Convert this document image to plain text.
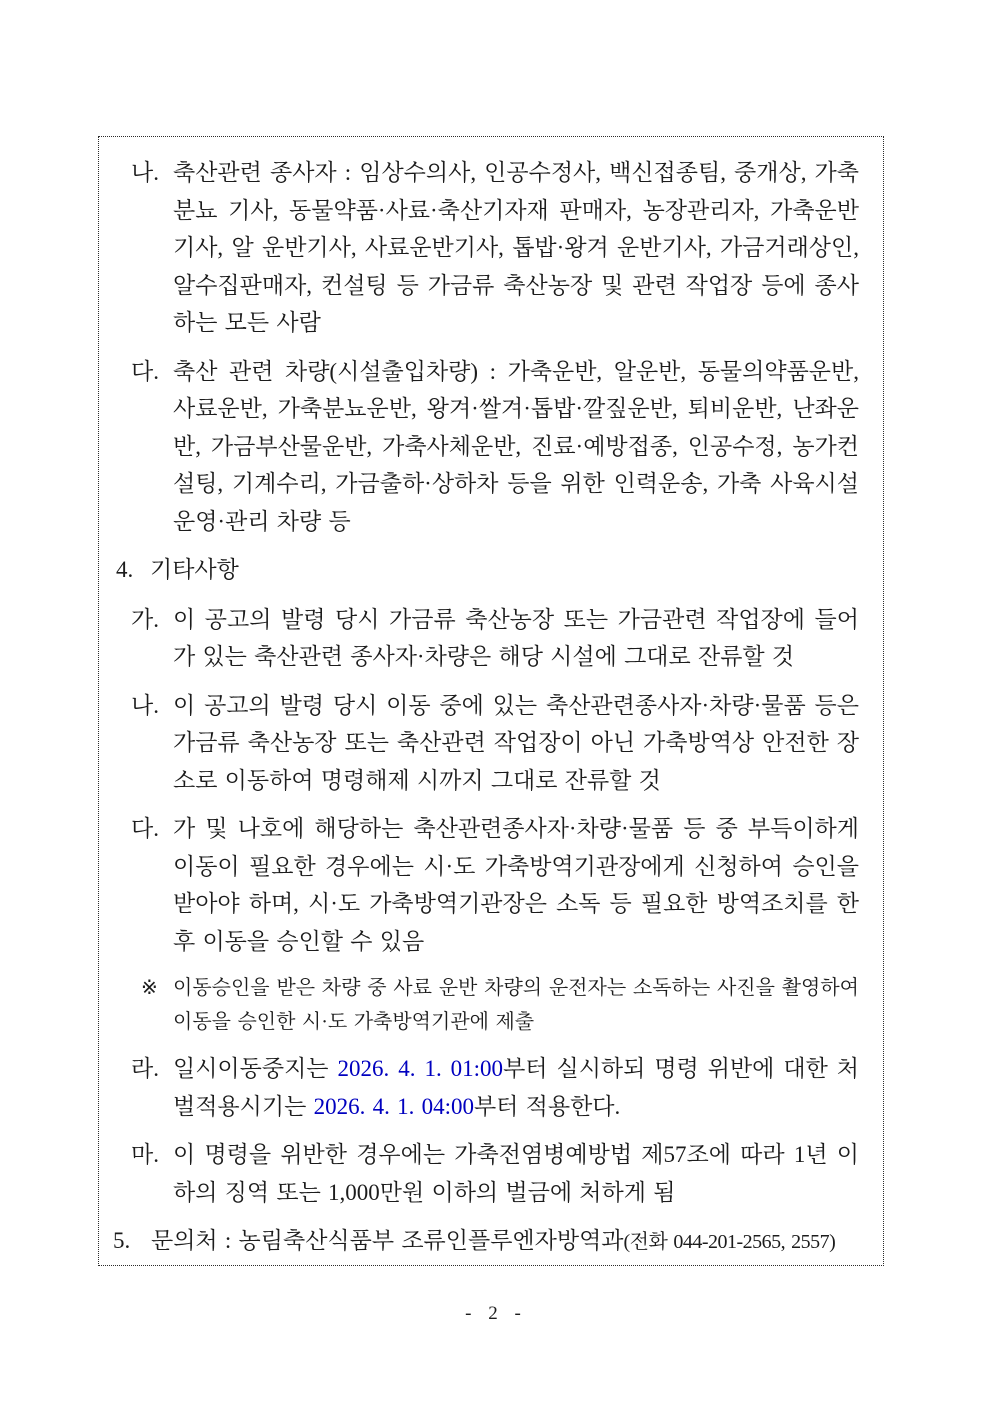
나. 축산관련 종사자 : 임상수의사, 인공수정사, 백신접종팀, 중개상, 가축분뇨 기사, 동물약품·사료·축산기자재 판매자, 농장관리자, 가축운반기사, 알 운반기사, 사료운반기사, 톱밥·왕겨 운반기사, 가금거래상인, 알수집판매자, 컨설팅 등 가금류 축산농장 및 관련 작업장 등에 종사하는 모든 사람
다. 축산 관련 차량(시설출입차량) : 가축운반, 알운반, 동물의약품운반, 사료운반, 가축분뇨운반, 왕겨·쌀겨·톱밥·깔짚운반, 퇴비운반, 난좌운반, 가금부산물운반, 가축사체운반, 진료·예방접종, 인공수정, 농가컨설팅, 기계수리, 가금출하·상하차 등을 위한 인력운송, 가축 사육시설 운영·관리 차량 등
4. 기타사항
가. 이 공고의 발령 당시 가금류 축산농장 또는 가금관련 작업장에 들어가 있는 축산관련 종사자·차량은 해당 시설에 그대로 잔류할 것
나. 이 공고의 발령 당시 이동 중에 있는 축산관련종사자·차량·물품 등은 가금류 축산농장 또는 축산관련 작업장이 아닌 가축방역상 안전한 장소로 이동하여 명령해제 시까지 그대로 잔류할 것
다. 가 및 나호에 해당하는 축산관련종사자·차량·물품 등 중 부득이하게 이동이 필요한 경우에는 시·도 가축방역기관장에게 신청하여 승인을 받아야 하며, 시·도 가축방역기관장은 소독 등 필요한 방역조치를 한 후 이동을 승인할 수 있음
※ 이동승인을 받은 차량 중 사료 운반 차량의 운전자는 소독하는 사진을 촬영하여 이동을 승인한 시·도 가축방역기관에 제출
라. 일시이동중지는 2026. 4. 1. 01:00부터 실시하되 명령 위반에 대한 처벌적용시기는 2026. 4. 1. 04:00부터 적용한다.
마. 이 명령을 위반한 경우에는 가축전염병예방법 제57조에 따라 1년 이하의 징역 또는 1,000만원 이하의 벌금에 처하게 됨
5. 문의처 : 농림축산식품부 조류인플루엔자방역과(전화 044-201-2565, 2557)
- 2 -
